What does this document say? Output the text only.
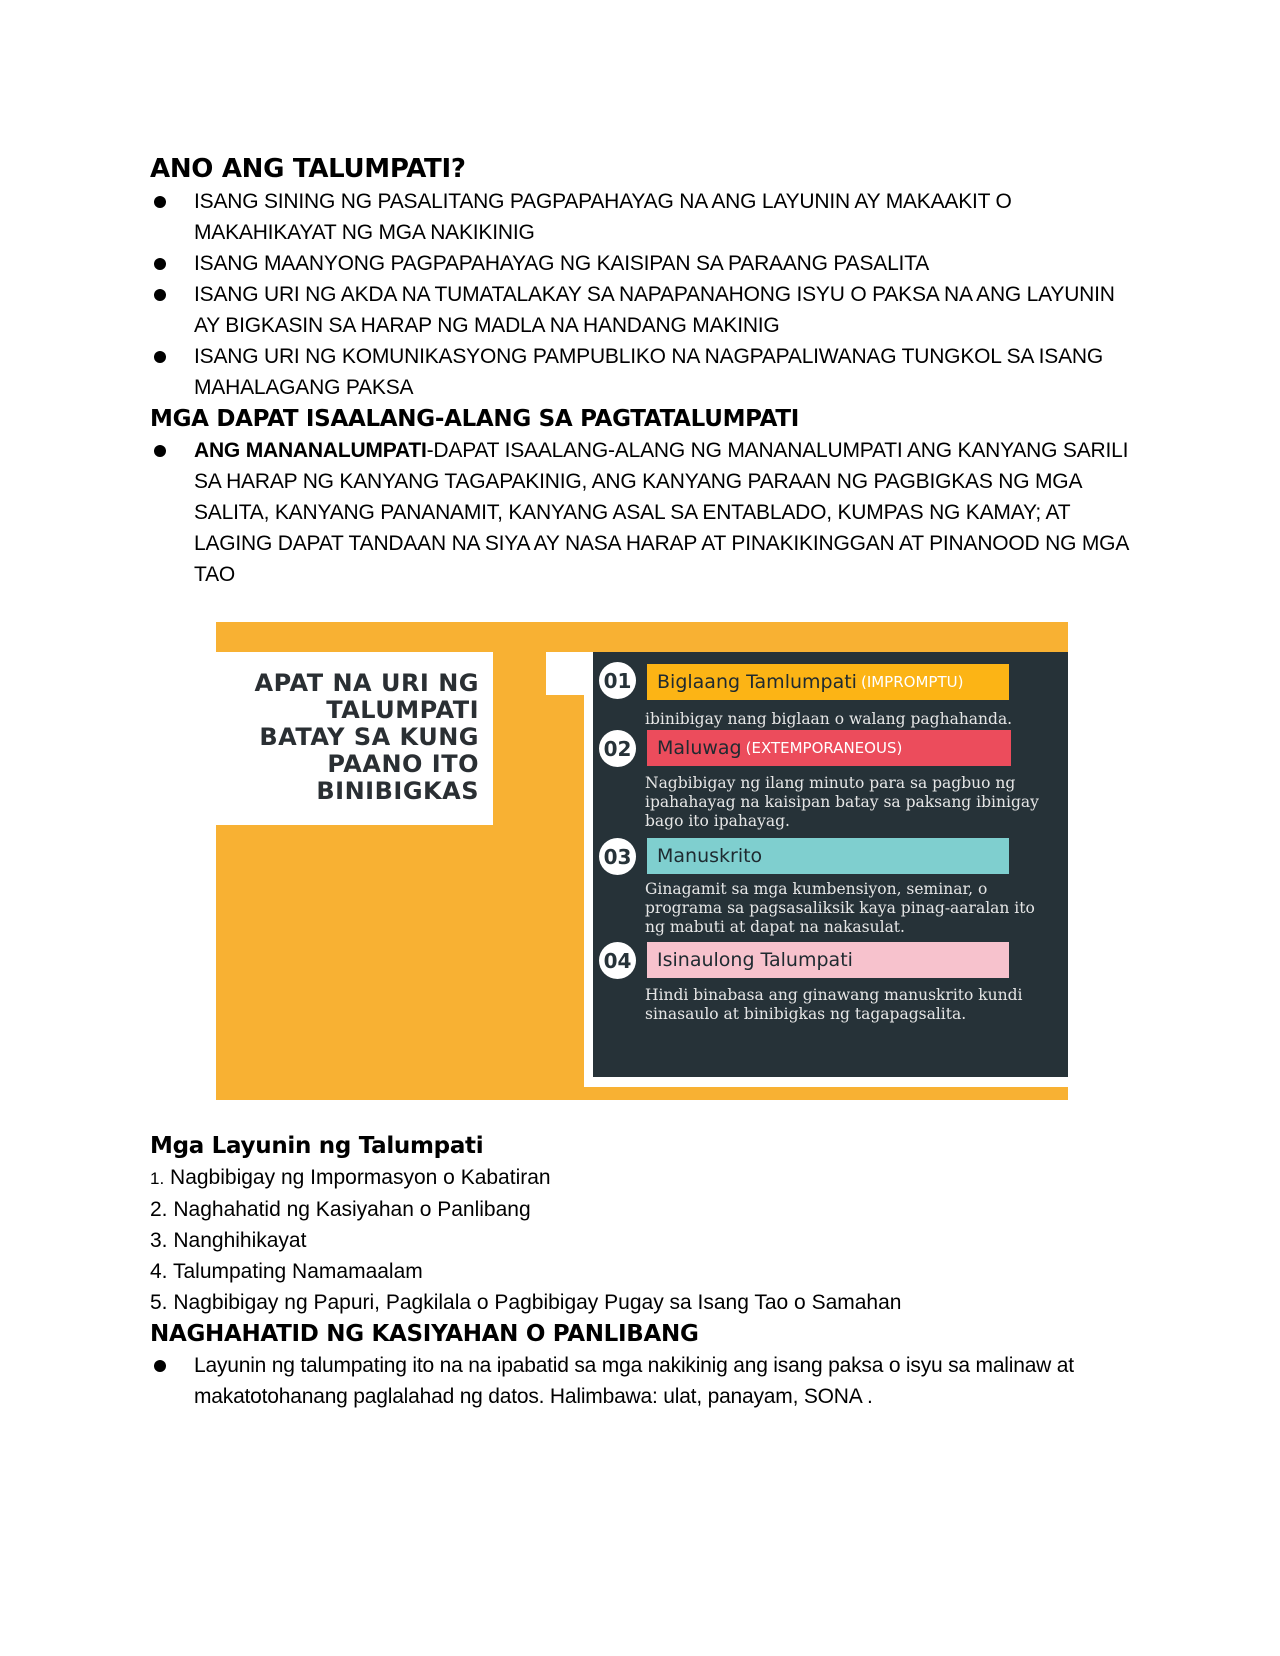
ANO ANG TALUMPATI?
ISANG SINING NG PASALITANG PAGPAPAHAYAG NA ANG LAYUNIN AY MAKAAKIT O MAKAHIKAYAT NG MGA NAKIKINIG
ISANG MAANYONG PAGPAPAHAYAG NG KAISIPAN SA PARAANG PASALITA
ISANG URI NG AKDA NA TUMATALAKAY SA NAPAPANAHONG ISYU O PAKSA NA ANG LAYUNIN AY BIGKASIN SA HARAP NG MADLA NA HANDANG MAKINIG
ISANG URI NG KOMUNIKASYONG PAMPUBLIKO NA NAGPAPALIWANAG TUNGKOL SA ISANG MAHALAGANG PAKSA
MGA DAPAT ISAALANG-ALANG SA PAGTATALUMPATI
ANG MANANALUMPATI-DAPAT ISAALANG-ALANG NG MANANALUMPATI ANG KANYANG SARILI SA HARAP NG KANYANG TAGAPAKINIG, ANG KANYANG PARAAN NG PAGBIGKAS NG MGA SALITA, KANYANG PANANAMIT, KANYANG ASAL SA ENTABLADO, KUMPAS NG KAMAY; AT LAGING DAPAT TANDAAN NA SIYA AY NASA HARAP AT PINAKIKINGGAN AT PINANOOD NG MGA TAO
APAT NA URI NG
TALUMPATI
BATAY SA KUNG
PAANO ITO
BINIBIGKAS
01 Biglaang Tamlumpati (IMPROMPTU)
ibinibigay nang biglaan o walang paghahanda.
02 Maluwag (EXTEMPORANEOUS)
Nagbibigay ng ilang minuto para sa pagbuo ng ipahahayag na kaisipan batay sa paksang ibinigay bago ito ipahayag.
03 Manuskrito
Ginagamit sa mga kumbensiyon, seminar, o programa sa pagsasaliksik kaya pinag-aaralan ito ng mabuti at dapat na nakasulat.
04 Isinaulong Talumpati
Hindi binabasa ang ginawang manuskrito kundi sinasaulo at binibigkas ng tagapagsalita.
Mga Layunin ng Talumpati
1. Nagbibigay ng Impormasyon o Kabatiran
2. Naghahatid ng Kasiyahan o Panlibang
3. Nanghihikayat
4. Talumpating Namamaalam
5. Nagbibigay ng Papuri, Pagkilala o Pagbibigay Pugay sa Isang Tao o Samahan
NAGHAHATID NG KASIYAHAN O PANLIBANG
Layunin ng talumpating ito na na ipabatid sa mga nakikinig ang isang paksa o isyu sa malinaw at makatotohanang paglalahad ng datos. Halimbawa: ulat, panayam, SONA .
